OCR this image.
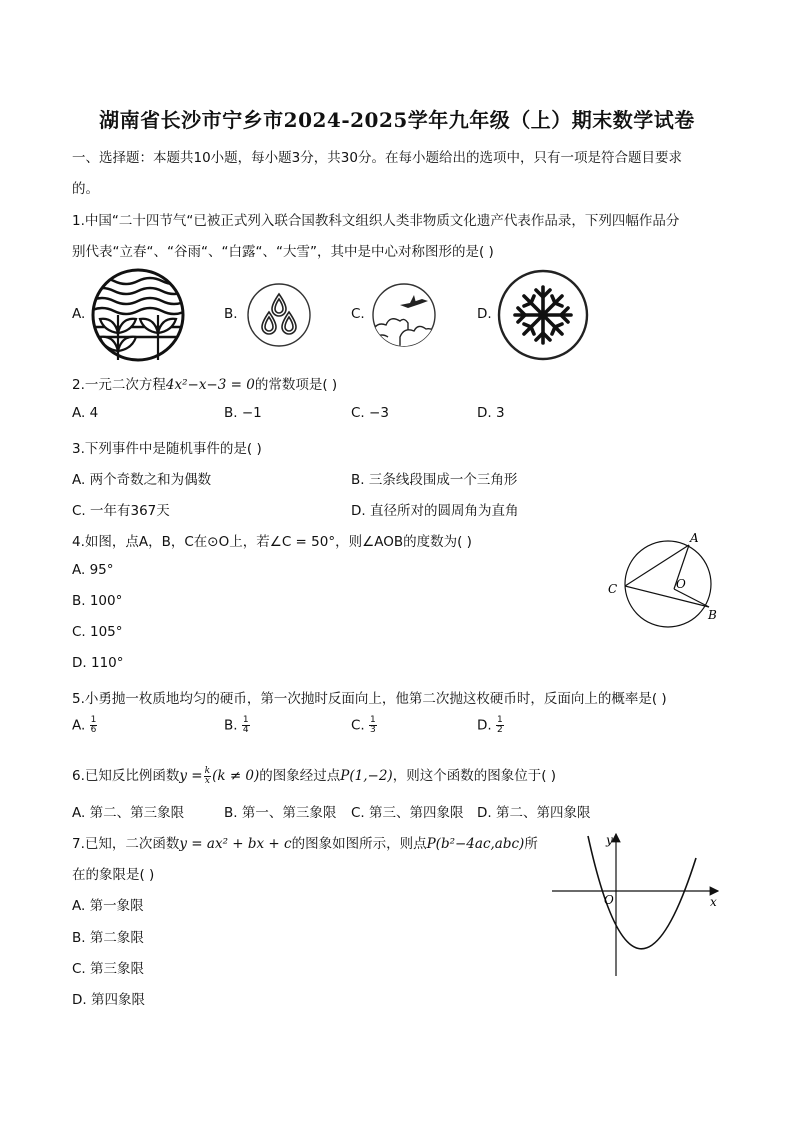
湖南省长沙市宁乡市2024-2025学年九年级（上）期末数学试卷
一、选择题：本题共10小题，每小题3分，共30分。在每小题给出的选项中，只有一项是符合题目要求
的。
1.中国“二十四节气“已被正式列入联合国教科文组织人类非物质文化遗产代表作品录，下列四幅作品分
别代表“立春“、“谷雨“、“白露“、“大雪”，其中是中心对称图形的是( )
A.	B.	C.	D.
2.一元二次方程4x²−x−3 = 0的常数项是( )
A. 4	B. −1	C. −3	D. 3
3.下列事件中是随机事件的是( )
A. 两个奇数之和为偶数	B. 三条线段围成一个三角形
C. 一年有367天	D. 直径所对的圆周角为直角
4.如图，点A，B，C在⊙O上，若∠C = 50°，则∠AOB的度数为( )
A. 95°
B. 100°
C. 105°
D. 110°
A
B
C	O
5.小勇抛一枚质地均匀的硬币，第一次抛时反面向上，他第二次抛这枚硬币时，反面向上的概率是( )
A. $\frac{1}{6}$	B. $\frac{1}{4}$	C. $\frac{1}{3}$	D. $\frac{1}{2}$
6.已知反比例函数$y = \frac{k}{x} (k \ne 0)$的图象经过点P(1,−2)，则这个函数的图象位于( )
A. 第二、第三象限	B. 第一、第三象限 C. 第三、第四象限 D. 第二、第四象限
7.已知，二次函数y = ax² + bx + c的图象如图所示，则点P(b²−4ac,abc)所
在的象限是( )
A. 第一象限
B. 第二象限
C. 第三象限
D. 第四象限
x
y
O
